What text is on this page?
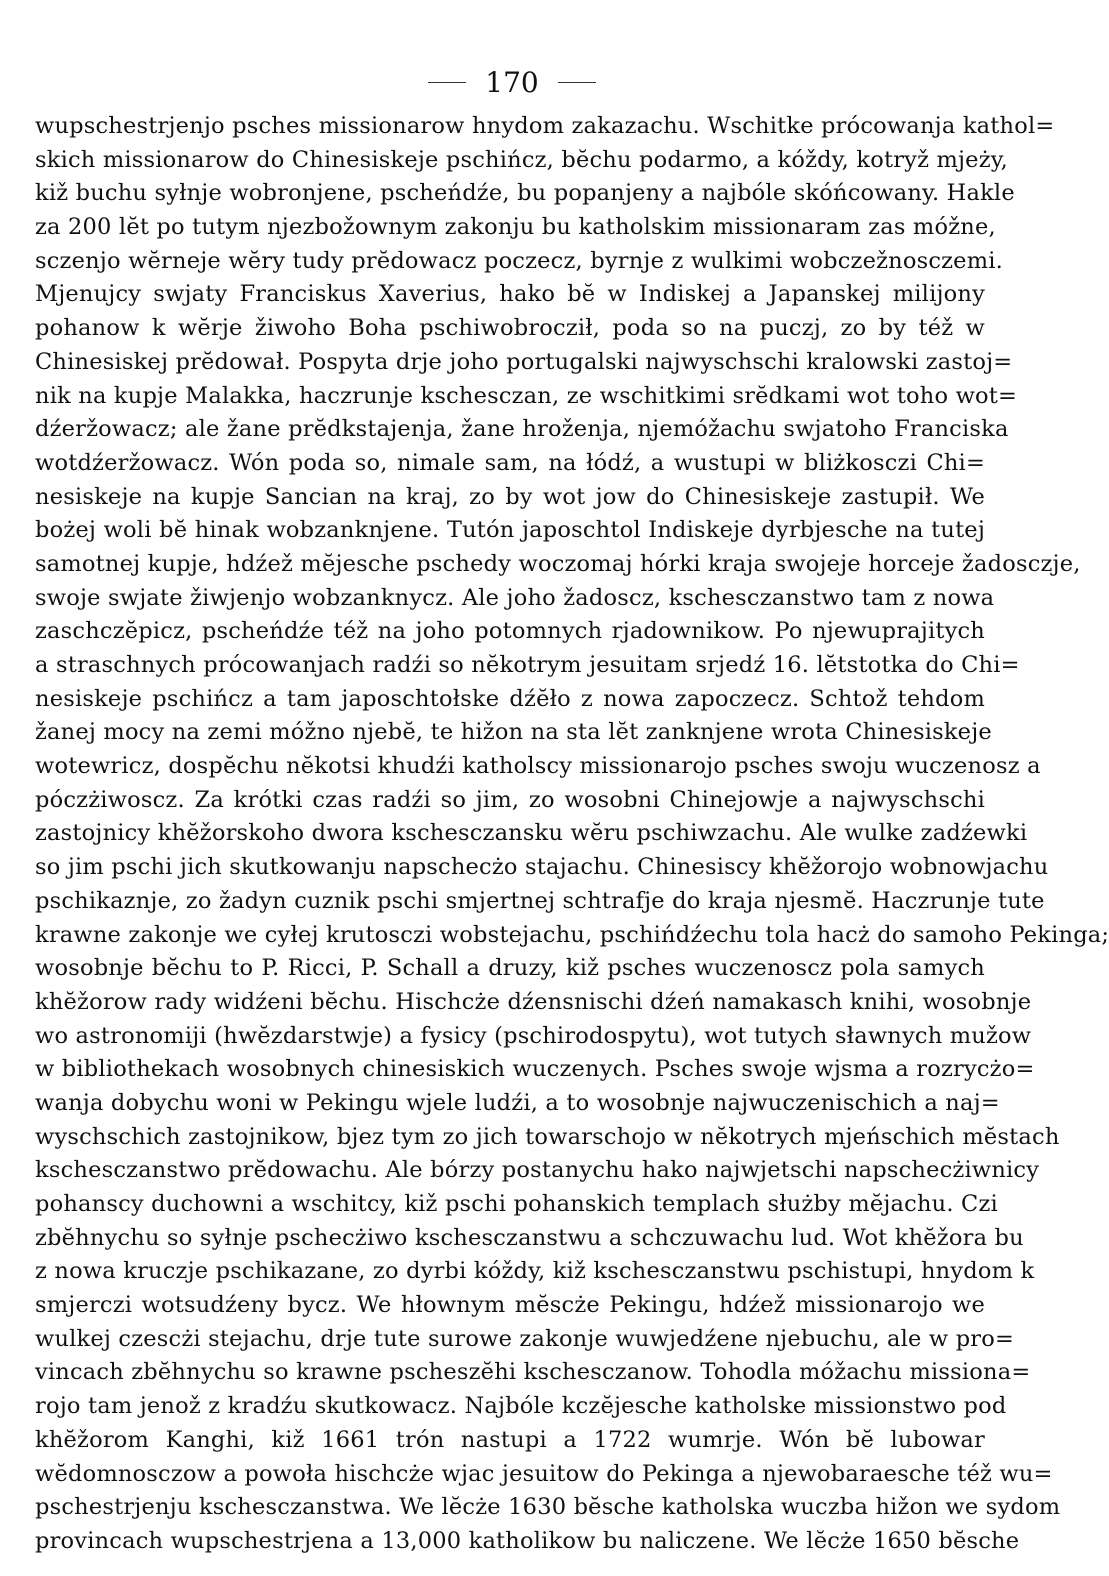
170
wupschestrjenjo psches missionarow hnydom zakazachu. Wschitke prócowanja kathol=
skich missionarow do Chinesiskeje pschińcz, bĕchu podarmo, a kóždy, kotryž mjeży,
kiž buchu syłnje wobronjene, pscheńdźe, bu popanjeny a najbóle skóńcowany. Hakle
za 200 lĕt po tutym njezbožownym zakonju bu katholskim missionaram zas móžne,
sczenjo wĕrneje wĕry tudy prĕdowacz poczecz, byrnje z wulkimi wobczežnosczemi.
Mjenujcy swjaty Franciskus Xaverius, hako bĕ w Indiskej a Japanskej milijony
pohanow k wĕrje žiwoho Boha pschiwobrocził, poda so na puczj, zo by též w
Chinesiskej prĕdował. Pospyta drje joho portugalski najwyschschi kralowski zastoj=
nik na kupje Malakka, haczrunje kschesczan, ze wschitkimi srĕdkami wot toho wot=
dźeržowacz; ale žane prĕdkstajenja, žane hroženja, njemóžachu swjatoho Franciska
wotdźeržowacz. Wón poda so, nimale sam, na łódź, a wustupi w bliżkosczi Chi=
nesiskeje na kupje Sancian na kraj, zo by wot jow do Chinesiskeje zastupił. We
bożej woli bĕ hinak wobzanknjene. Tutón japoschtol Indiskeje dyrbjesche na tutej
samotnej kupje, hdźež mĕjesche pschedy woczomaj hórki kraja swojeje horceje žadosczje,
swoje swjate žiwjenjo wobzanknycz. Ale joho žadoscz, kschesczanstwo tam z nowa
zaschczĕpicz, pscheńdźe též na joho potomnych rjadownikow. Po njewuprajitych
a straschnych prócowanjach radźi so nĕkotrym jesuitam srjedź 16. lĕtstotka do Chi=
nesiskeje pschińcz a tam japoschtołske dźĕło z nowa zapoczecz. Schtož tehdom
žanej mocy na zemi móžno njebĕ, te hižon na sta lĕt zanknjene wrota Chinesiskeje
wotewricz, dospĕchu nĕkotsi khudźi katholscy missionarojo psches swoju wuczenosz a
póczżiwoscz. Za krótki czas radźi so jim, zo wosobni Chinejowje a najwyschschi
zastojnicy khĕžorskoho dwora kschesczansku wĕru pschiwzachu. Ale wulke zadźewki
so jim pschi jich skutkowanju napschecżo stajachu. Chinesiscy khĕžorojo wobnowjachu
pschikaznje, zo žadyn cuznik pschi smjertnej schtrafje do kraja njesmĕ. Haczrunje tute
krawne zakonje we cyłej krutosczi wobstejachu, pschińdźechu tola hacż do samoho Pekinga;
wosobnje bĕchu to P. Ricci, P. Schall a druzy, kiž psches wuczenoscz pola samych
khĕžorow rady widźeni bĕchu. Hischcże dźensnischi dźeń namakasch knihi, wosobnje
wo astronomiji (hwĕzdarstwje) a fysicy (pschirodospytu), wot tutych sławnych mužow
w bibliothekach wosobnych chinesiskich wuczenych. Psches swoje wjsma a rozrycżo=
wanja dobychu woni w Pekingu wjele ludźi, a to wosobnje najwuczenischich a naj=
wyschschich zastojnikow, bjez tym zo jich towarschojo w nĕkotrych mjeńschich mĕstach
kschesczanstwo prĕdowachu. Ale bórzy postanychu hako najwjetschi napschecżiwnicy
pohanscy duchowni a wschitcy, kiž pschi pohanskich templach służby mĕjachu. Czi
zbĕhnychu so syłnje pschecżiwo kschesczanstwu a schczuwachu lud. Wot khĕžora bu
z nowa kruczje pschikazane, zo dyrbi kóždy, kiž kschesczanstwu pschistupi, hnydom k
smjerczi wotsudźeny bycz. We hłownym mĕscże Pekingu, hdźež missionarojo we
wulkej czescżi stejachu, drje tute surowe zakonje wuwjedźene njebuchu, ale w pro=
vincach zbĕhnychu so krawne pscheszĕhi kschesczanow. Tohodla móžachu missiona=
rojo tam jenož z kradźu skutkowacz. Najbóle kczĕjesche katholske missionstwo pod
khĕžorom Kanghi, kiž 1661 trón nastupi a 1722 wumrje. Wón bĕ lubowar
wĕdomnosczow a powoła hischcże wjac jesuitow do Pekinga a njewobaraesche též wu=
pschestrjenju kschesczanstwa. We lĕcże 1630 bĕsche katholska wuczba hižon we sydom
provincach wupschestrjena a 13,000 katholikow bu naliczene. We lĕcże 1650 bĕsche
